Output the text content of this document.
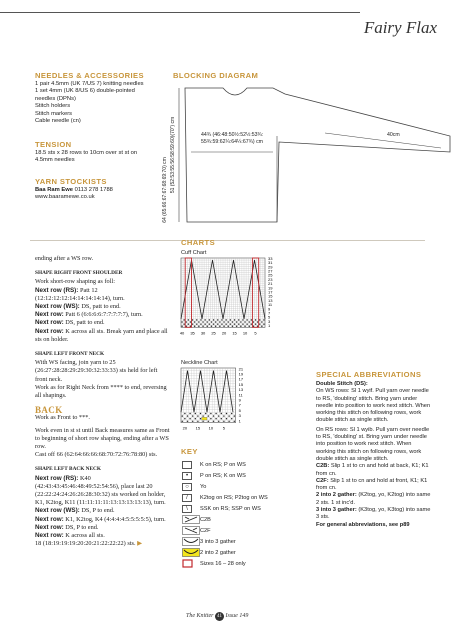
Fairy Flax
NEEDLES & ACCESSORIES

1 pair 4.5mm (UK 7/US 7) knitting needles

1 set 4mm (UK 8/US 6) double-pointed

needles (DPNs)

Stitch holders

Stitch markers

Cable needle (cn)

TENSION

18.5 sts x 28 rows to 10cm over st st on

4.5mm needles

YARN STOCKISTS

Baa Ram Ewe 0113 278 1788

www.baaramewe.co.uk

BLOCKING DIAGRAM
51 (52:53:55:56:58:59:60)(70") cm	44¾ (46:48:50½:52½:53¾:
55¾:59:62¼:64¼:67¾) cm
40cm
64 (65:66:67:67:68:69:70) cm

ending after a WS row.

SHAPE RIGHT FRONT SHOULDER

Work short-row shaping as foll:

Next row (RS): Patt 12 (12:12:12:12:14:14:14:14:14), turn.

Next row (WS): DS, patt to end.

Next row: Patt 6 (6:6:6:6:7:7:7:7:7), turn.

Next row: DS, patt to end.

Next row: K across all sts. Break yarn and place all sts on holder.

SHAPE LEFT FRONT NECK

With WS facing, join yarn to 25 (26:27:28:28:29:29:30:32:33:33) sts held for left front neck.

Work as for Right Neck from **** to end, reversing all shapings.

BACK

Work as Front to ***.

Work even in st st until Back measures same as Front to beginning of short row shaping, ending after a WS row.

Cast off 66 (62:64:66:66:68:70:72:76:78:80) sts.

SHAPE LEFT BACK NECK

Next row (RS): K40 (42:43:43:45:46:48:49:52:54:56), place last 20 (22:22:24:24:26:26:28:30:32) sts worked on holder, K1, K2tog, K11 (11:11:11:11:13:13:13:13:13), turn.

Next row (WS): DS, P to end.

Next row: K1, K2tog, K4 (4:4:4:4:5:5:5:5:5), turn.

Next row: DS, P to end.

Next row: K across all sts.

18 (18:19:19:19:20:20:21:22:22:22) sts. ▶

CHARTS
Cuff Chart
33
31
29
27
25
23
21
19
17
15
13
11
9
7
5
3
1
5
10
15
20
25
30
35
40
Neckline Chart
21
19
17
15
13
11
9
7
5
3
1
5
10
15
20
KEY
K on RS; P on WS
•	P on RS; K on WS
○	Yo
/	K2tog on RS; P2tog on WS
\	SSK on RS; SSP on WS
C2B
C2F
3 into 3 gather
2 into 2 gather
Sizes 16 – 28 only
SPECIAL ABBREVIATIONS

Double Stitch (DS):

On WS rows: Sl 1 wyif. Pull yarn over needle to RS, 'doubling' stitch. Bring yarn under needle into position to work next stitch. When working this stitch on following rows, work double stitch as single stitch.

On RS rows: Sl 1 wyib. Pull yarn over needle to RS, 'doubling' st. Bring yarn under needle into position to work next stitch. When working this stitch on following rows, work double stitch as single stitch.

C2B: Slip 1 st to cn and hold at back, K1; K1 from cn.

C2F: Slip 1 st to cn and hold at front, K1; K1 from cn.

2 into 2 gather: (K2tog, yo, K2tog) into same 2 sts. 1 st inc'd.

3 into 3 gather: (K3tog, yo, K3tog) into same 3 sts.

For general abbreviations, see p89

The Knitter 41 Issue 149
